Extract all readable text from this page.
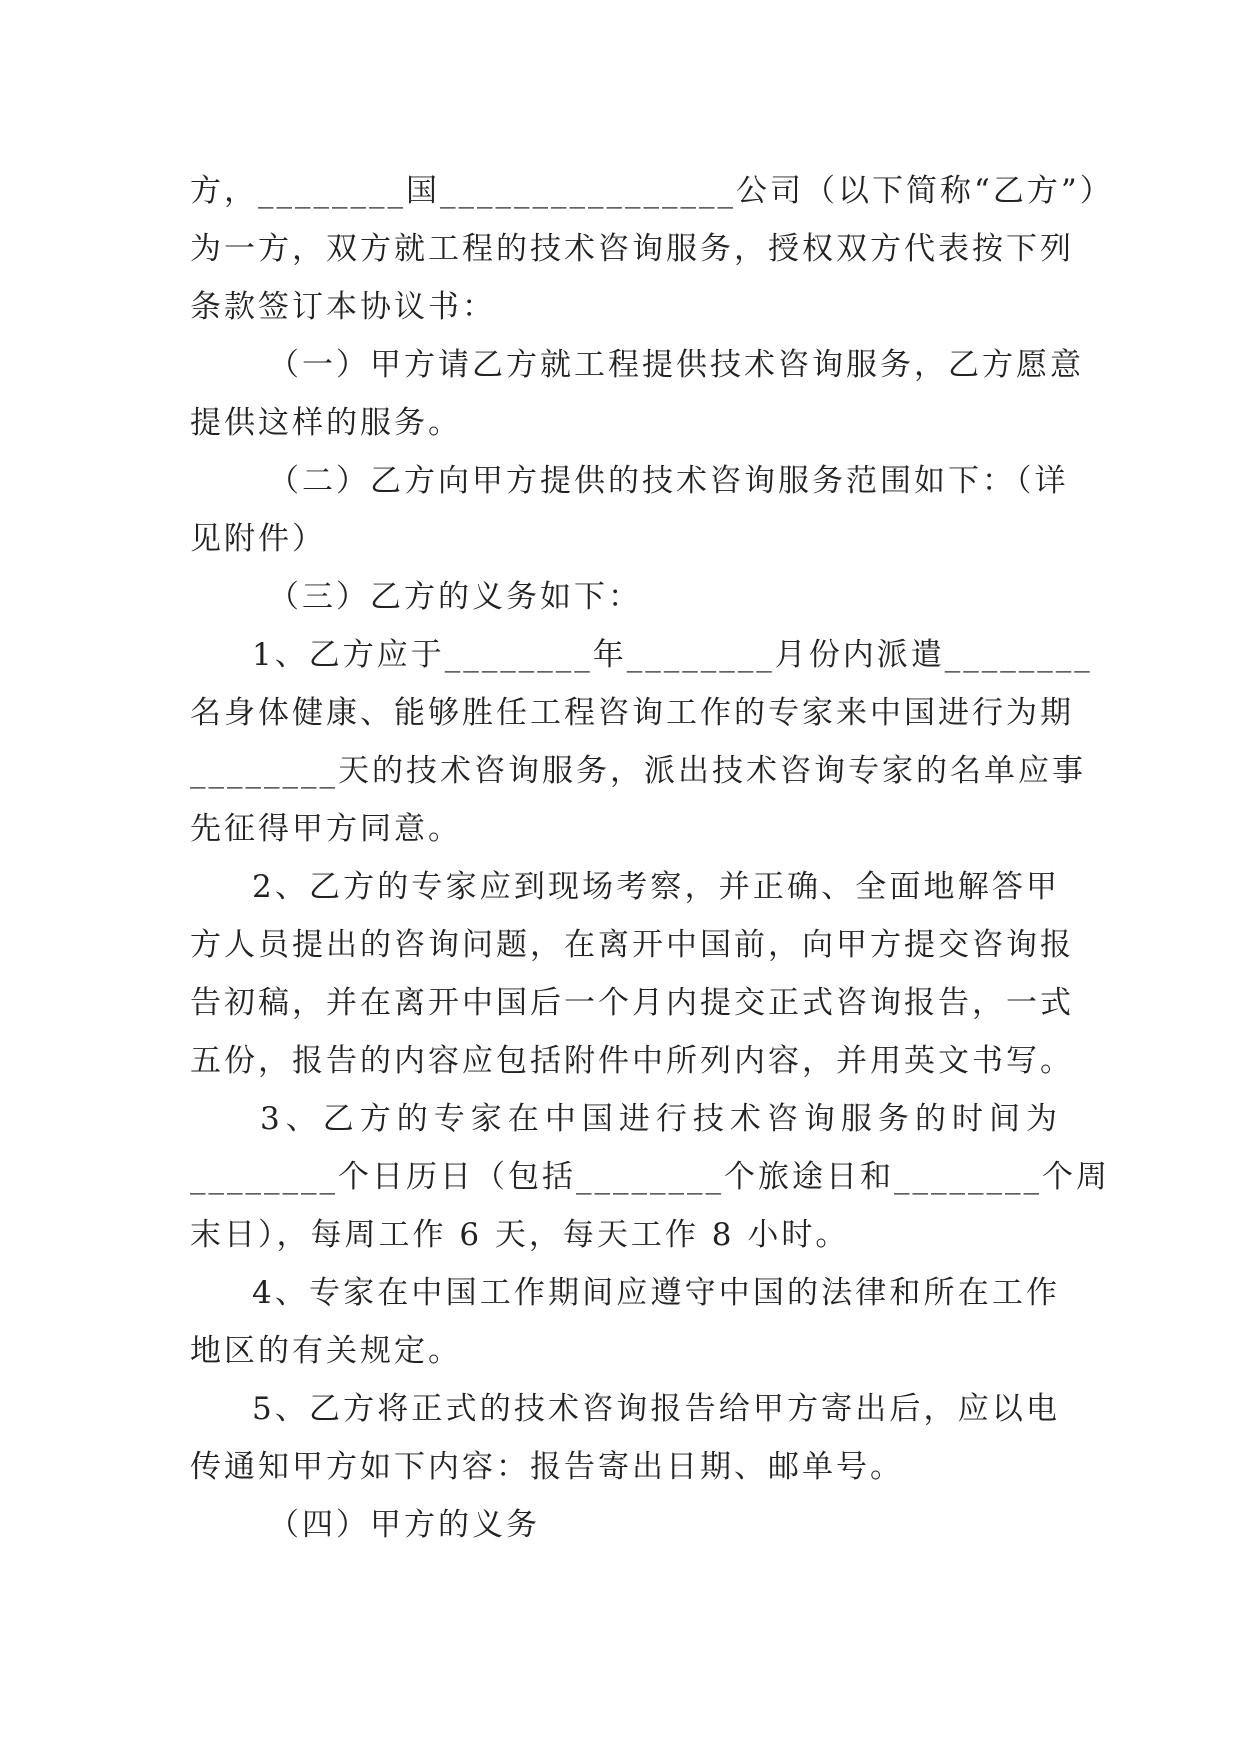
方，________国________________公司（以下简称“乙方”）
为一方，双方就工程的技术咨询服务，授权双方代表按下列
条款签订本协议书：
（一）甲方请乙方就工程提供技术咨询服务，乙方愿意
提供这样的服务。
（二）乙方向甲方提供的技术咨询服务范围如下：（详
见附件）
（三）乙方的义务如下：
1、乙方应于________年________月份内派遣________
名身体健康、能够胜任工程咨询工作的专家来中国进行为期
________天的技术咨询服务，派出技术咨询专家的名单应事
先征得甲方同意。
2、乙方的专家应到现场考察，并正确、全面地解答甲
方人员提出的咨询问题，在离开中国前，向甲方提交咨询报
告初稿，并在离开中国后一个月内提交正式咨询报告，一式
五份，报告的内容应包括附件中所列内容，并用英文书写。
3、乙方的专家在中国进行技术咨询服务的时间为
________个日历日（包括________个旅途日和________个周
末日），每周工作 6 天，每天工作 8 小时。
4、专家在中国工作期间应遵守中国的法律和所在工作
地区的有关规定。
5、乙方将正式的技术咨询报告给甲方寄出后，应以电
传通知甲方如下内容：报告寄出日期、邮单号。
（四）甲方的义务
